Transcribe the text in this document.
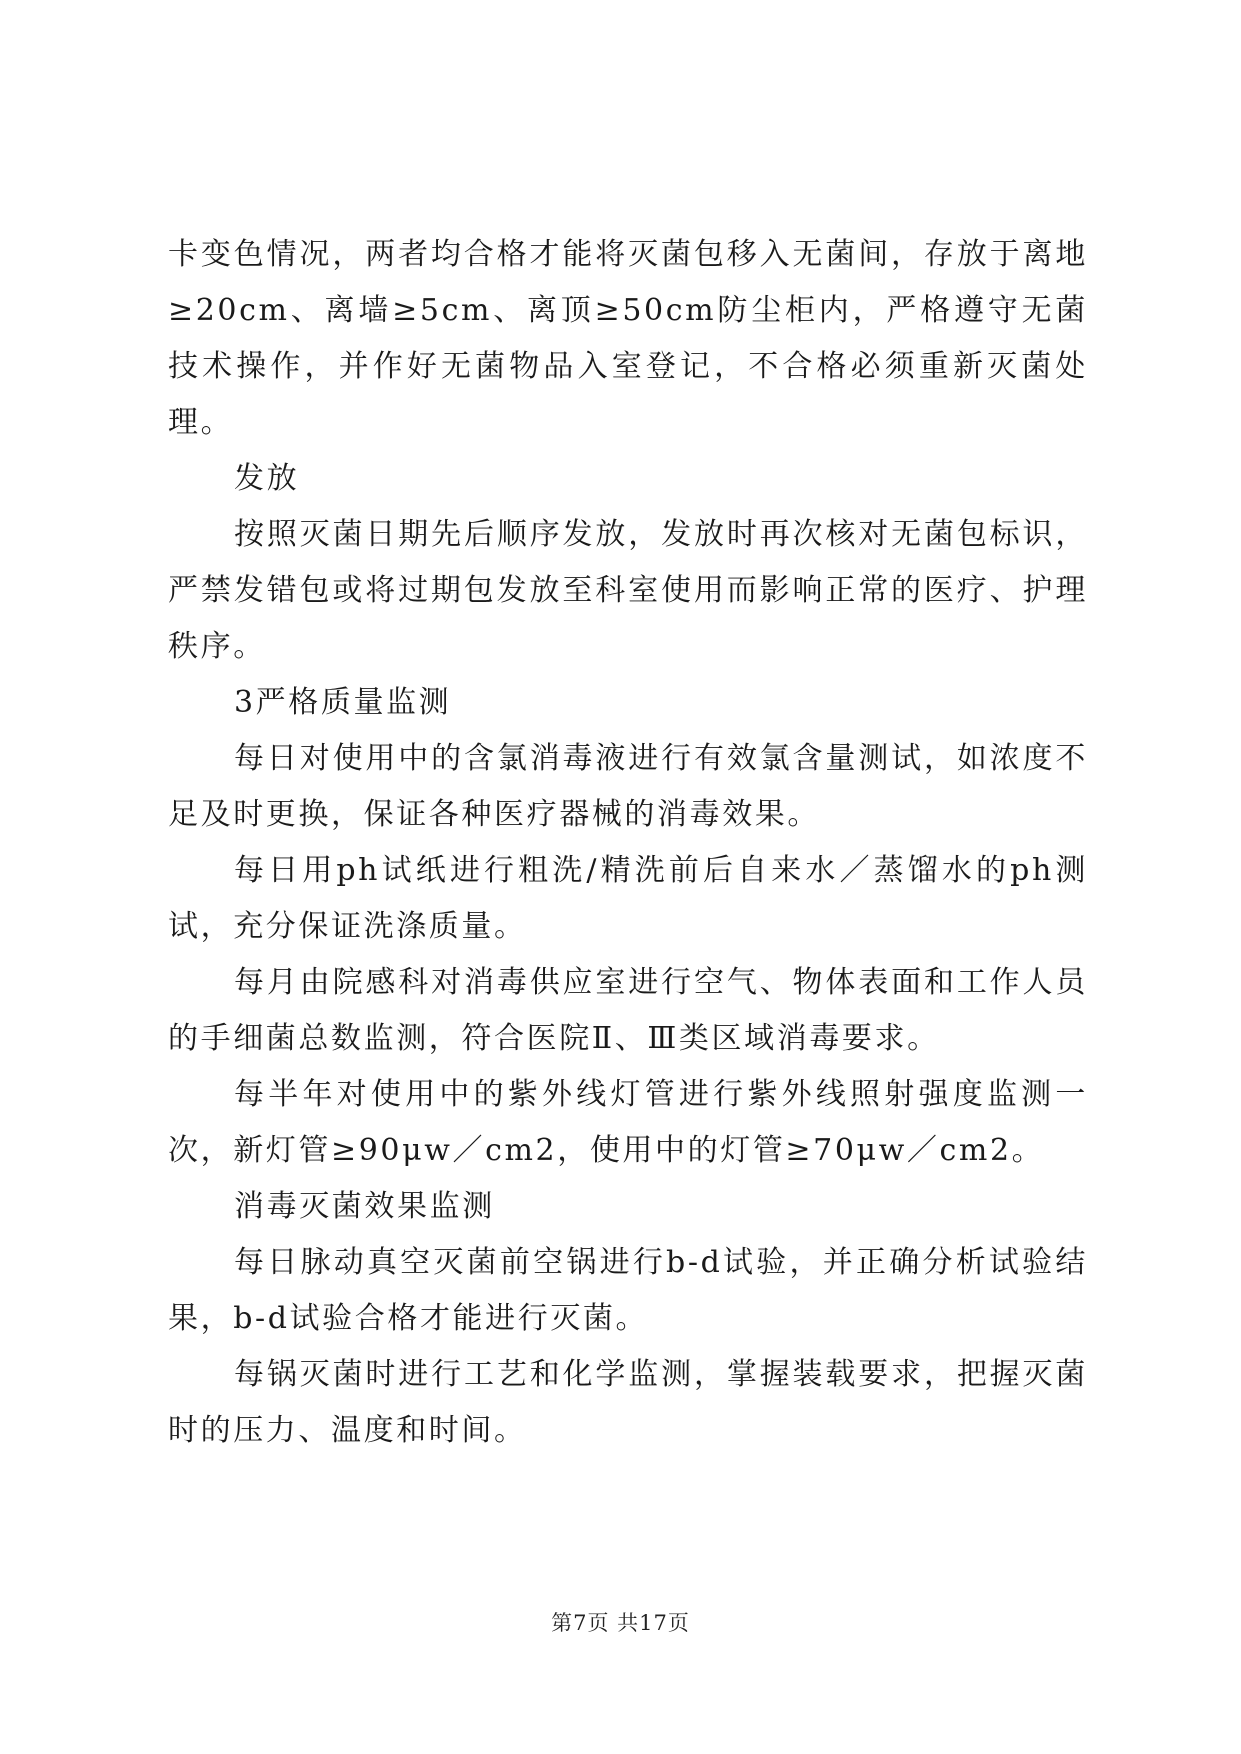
卡变色情况，两者均合格才能将灭菌包移入无菌间，存放于离地≥20cm、离墙≥5cm、离顶≥50cm防尘柜内，严格遵守无菌技术操作，并作好无菌物品入室登记，不合格必须重新灭菌处理。

发放

按照灭菌日期先后顺序发放，发放时再次核对无菌包标识，严禁发错包或将过期包发放至科室使用而影响正常的医疗、护理秩序。

3严格质量监测

每日对使用中的含氯消毒液进行有效氯含量测试，如浓度不足及时更换，保证各种医疗器械的消毒效果。

每日用ph试纸进行粗洗/精洗前后自来水／蒸馏水的ph测试，充分保证洗涤质量。

每月由院感科对消毒供应室进行空气、物体表面和工作人员的手细菌总数监测，符合医院Ⅱ、Ⅲ类区域消毒要求。

每半年对使用中的紫外线灯管进行紫外线照射强度监测一次，新灯管≥90μw／cm2，使用中的灯管≥70μw／cm2。

消毒灭菌效果监测

每日脉动真空灭菌前空锅进行b-d试验，并正确分析试验结果，b-d试验合格才能进行灭菌。

每锅灭菌时进行工艺和化学监测，掌握装载要求，把握灭菌时的压力、温度和时间。

第7页 共17页
